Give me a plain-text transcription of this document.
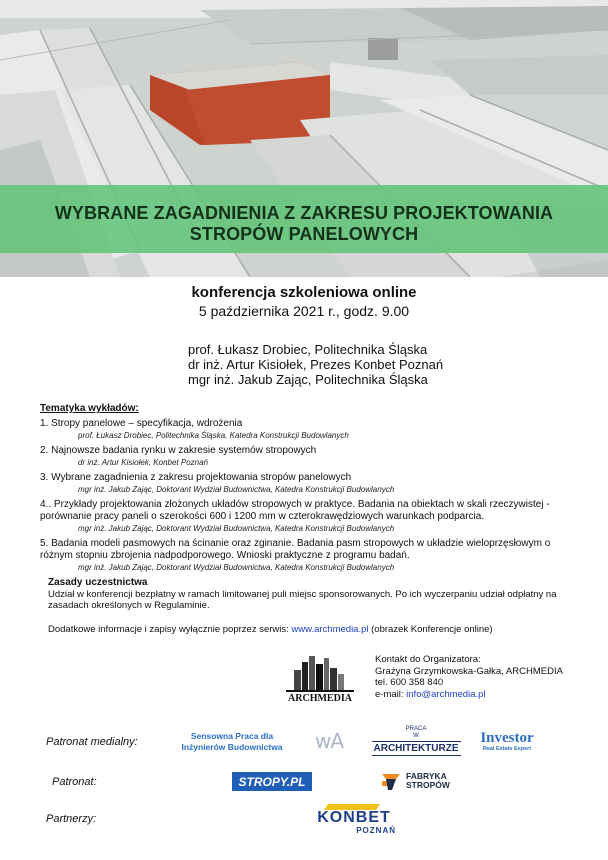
WYBRANE ZAGADNIENIA Z ZAKRESU PROJEKTOWANIA
STROPÓW PANELOWYCH
konferencja szkoleniowa online
5 października 2021 r., godz. 9.00
prof. Łukasz Drobiec, Politechnika Śląska
dr inż. Artur Kisiołek, Prezes Konbet Poznań
mgr inż. Jakub Zając, Politechnika Śląska
Tematyka wykładów:
1. Stropy panelowe – specyfikacja, wdrożenia
prof. Łukasz Drobiec, Politechnika Śląska, Katedra Konstrukcji Budowlanych
2. Najnowsze badania rynku w zakresie systemów stropowych
dr inż. Artur Kisiołek, Konbet Poznań
3. Wybrane zagadnienia z zakresu projektowania stropów panelowych
mgr inż. Jakub Zając, Doktorant Wydział Budownictwa, Katedra Konstrukcji Budowlanych
4.. Przykłady projektowania złożonych układów stropowych w praktyce. Badania na obiektach w skali rzeczywistej - porównanie pracy paneli o szerokości 600 i 1200 mm w czterokrawędziowych warunkach podparcia.
mgr inż. Jakub Zając, Doktorant Wydział Budownictwa, Katedra Konstrukcji Budowlanych
5. Badania modeli pasmowych na ścinanie oraz zginanie. Badania pasm stropowych w układzie wieloprzęsłowym o różnym stopniu zbrojenia nadpodporowego. Wnioski praktyczne z programu badań.
mgr inż. Jakub Zając, Doktorant Wydział Budownictwa, Katedra Konstrukcji Budowlanych
Zasady uczestnictwa
Udział w konferencji bezpłatny w ramach limitowanej puli miejsc sponsorowanych. Po ich wyczerpaniu udział odpłatny na zasadach określonych w Regulaminie.
Dodatkowe informacje i zapisy wyłącznie poprzez serwis: www.archmedia.pl (obrazek Konferencje online)
ARCHMEDIA
Kontakt do Organizatora:
Grażyna Grzymkowska-Gałka, ARCHMEDIA
tel. 600 358 840
e-mail: info@archmedia.pl
Patronat medialny:
Patronat:
Partnerzy:
Sensowna Praca dla
Inżynierów Budownictwa	wA	PRACA
W
ARCHITEKTURZE
Investor
Real Estate Expert
STROPY.PL	FABRYKA
STROPÓW
KONBET
POZNAŃ
